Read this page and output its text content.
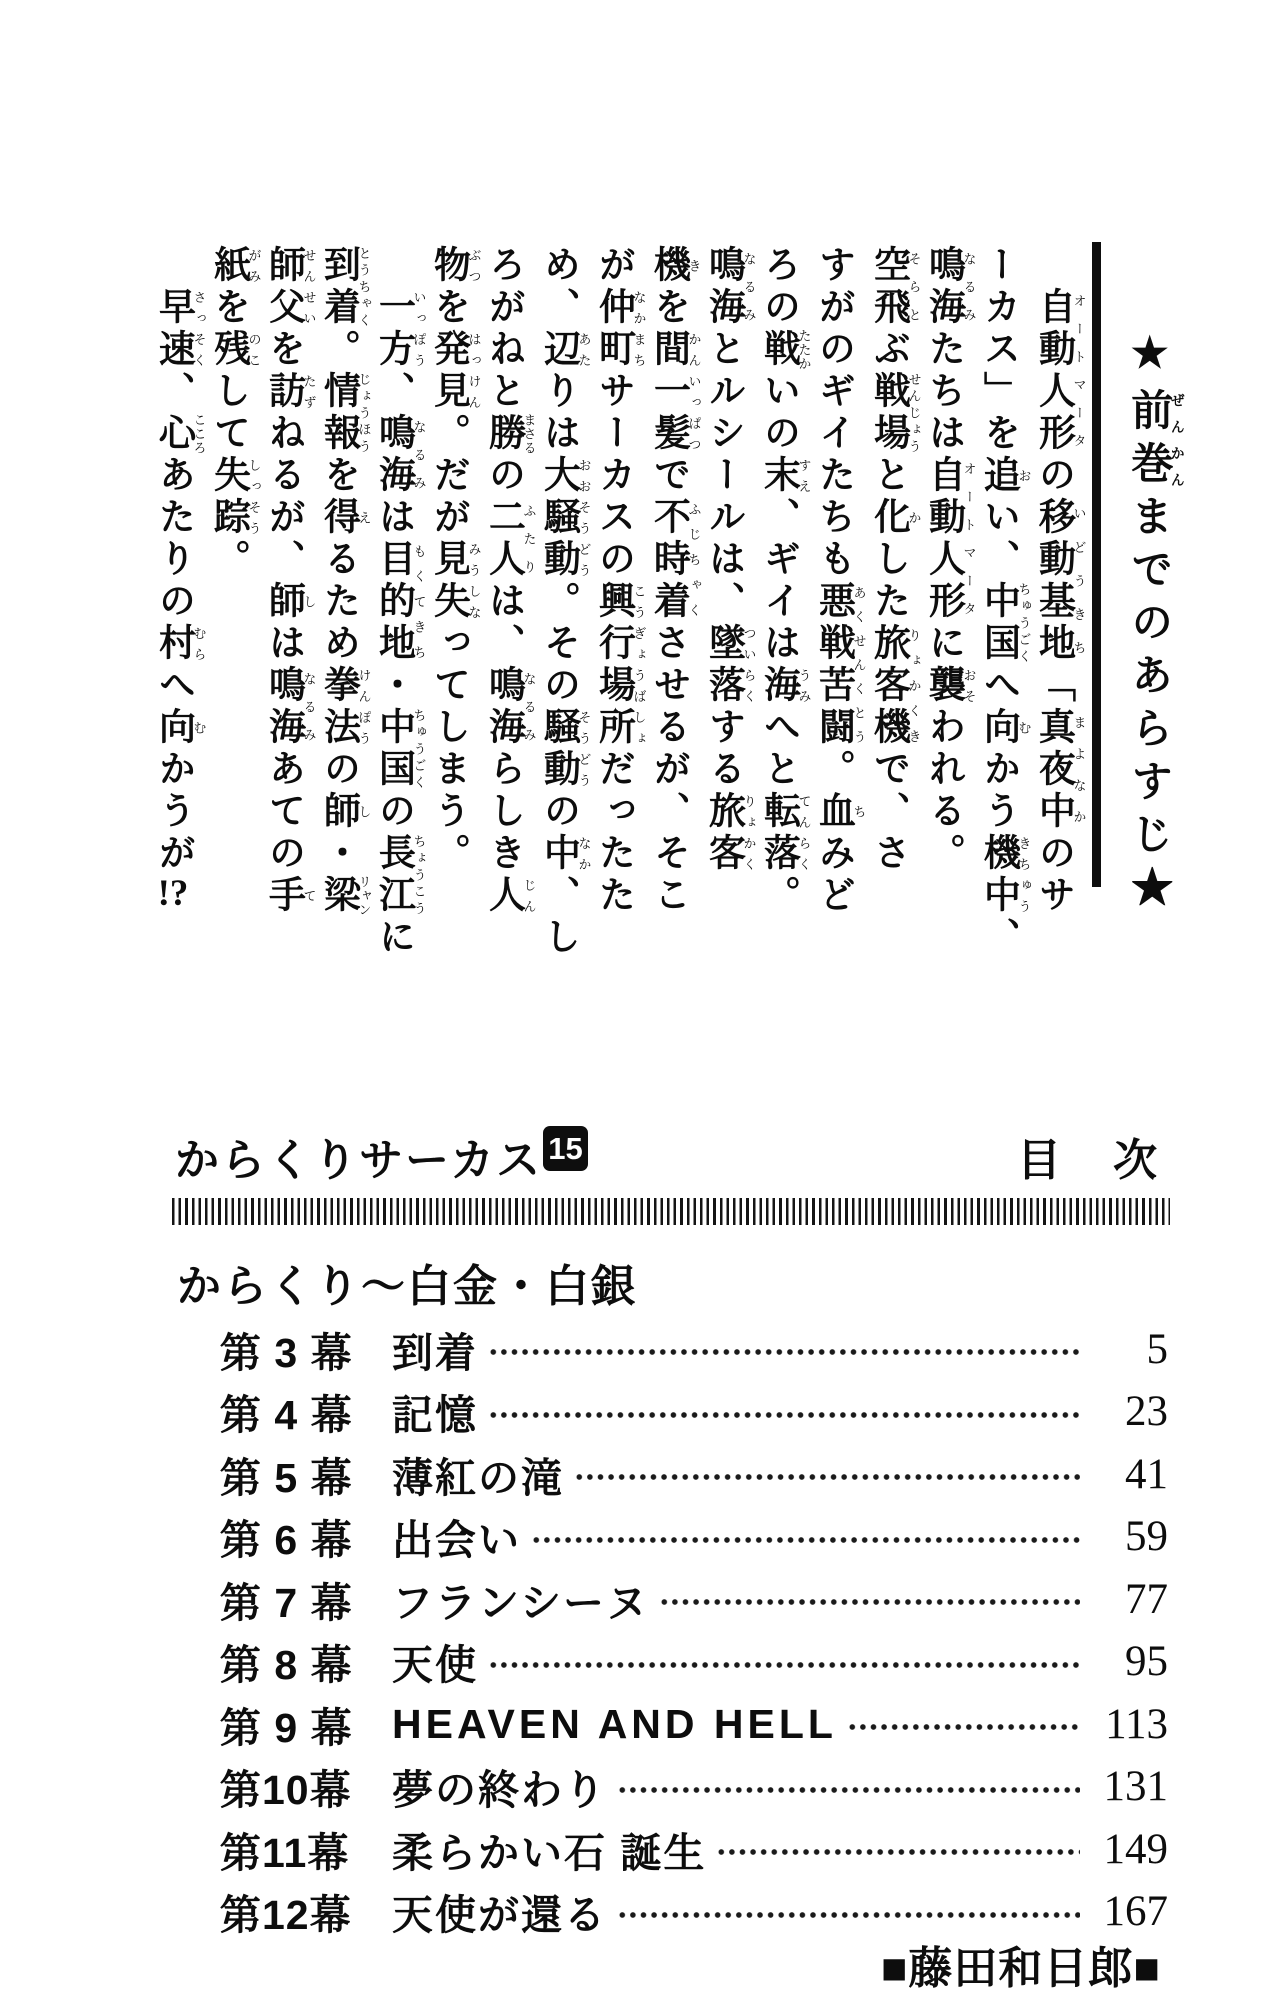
★前巻ぜんかんまでのあらすじ★
自動人形オートマータの移動基地いどうきち「真夜中まよなかのサ
ーカス」を追おい、中国ちゅうごくへ向むかう機中きちゅう、
鳴海なるみたちは自動人形オートマータに襲おそわれる。
空飛そらとぶ戦場せんじょうと化かした旅客機りょかくきで、さ
すがのギイたちも悪戦苦闘あくせんくとう。血ちみど
ろの戦たたかいの末すえ、ギイは海うみへと転落てんらく。
鳴海なるみとルシールは、墜落ついらくする旅客りょかく
機きを間一髪かんいっぱつで不時着ふじちゃくさせるが、そこ
が仲町なかまちサーカスの興行場所こうぎょうばしょだったた
め、辺あたりは大騒動おおそうどう。その騒動そうどうの中なか、し
ろがねと勝まさるの二人ふたりは、鳴海なるみらしき人じん
物ぶつを発見はっけん。だが見失みうしなってしまう。
一方いっぽう、鳴海なるみは目的地もくてきち・中国ちゅうごくの長江ちょうこうに
到着とうちゃく。情報じょうほうを得えるため拳法けんぽうの師し・梁リャン
師父せんせいを訪たずねるが、師しは鳴海なるみあての手て
紙がみを残のこして失踪しっそう。
早速さっそく、心こころあたりの村むらへ向むかうが!?
からくりサーカス 15	目　次
からくり～白金・白銀
第 3 幕 到着	5
第 4 幕 記憶	23
第 5 幕 薄紅の滝	41
第 6 幕 出会い	59
第 7 幕 フランシーヌ	77
第 8 幕 天使	95
第 9 幕 HEAVEN AND HELL	113
第10幕 夢の終わり	131
第11幕	柔らかい石 誕生	149
第12幕 天使が還る	167
■藤田和日郎■
